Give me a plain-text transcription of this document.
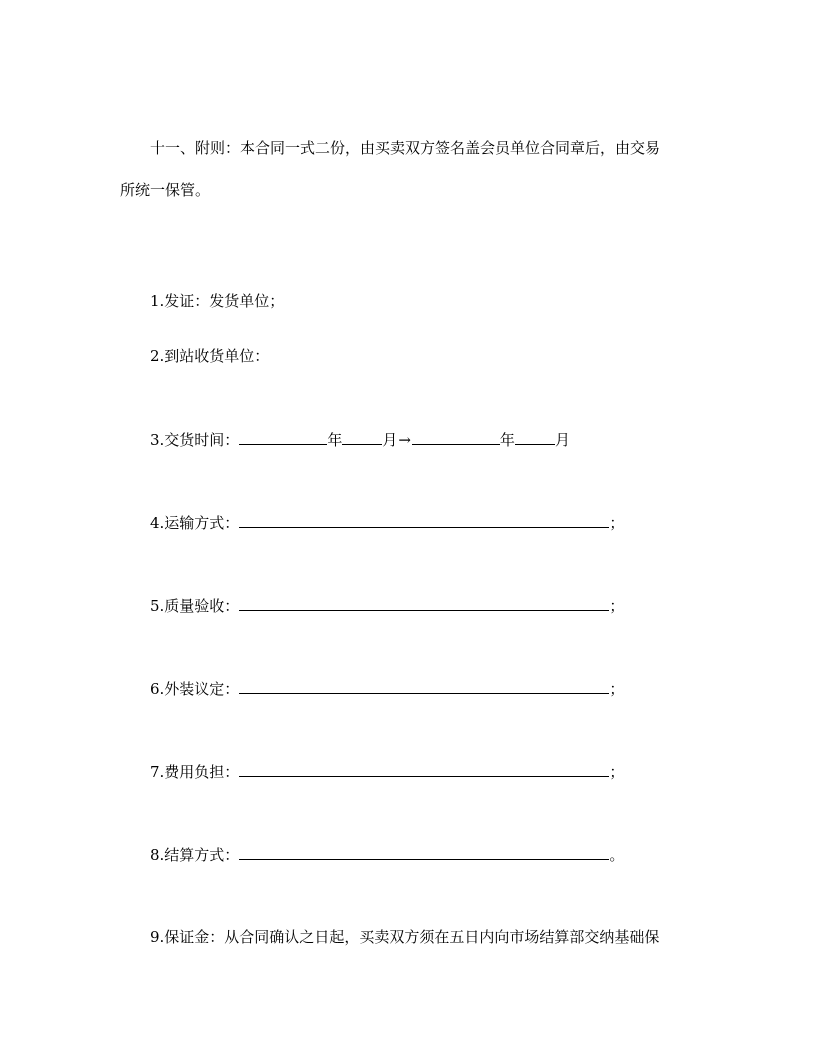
十一、附则：本合同一式二份，由买卖双方签名盖会员单位合同章后，由交易
所统一保管。
1.发证：发货单位；
2.到站收货单位：
3.交货时间：	年	月→	年	月
4.运输方式：	；
5.质量验收：	；
6.外装议定：	；
7.费用负担：	；
8.结算方式：	。
9.保证金：从合同确认之日起，买卖双方须在五日内向市场结算部交纳基础保
